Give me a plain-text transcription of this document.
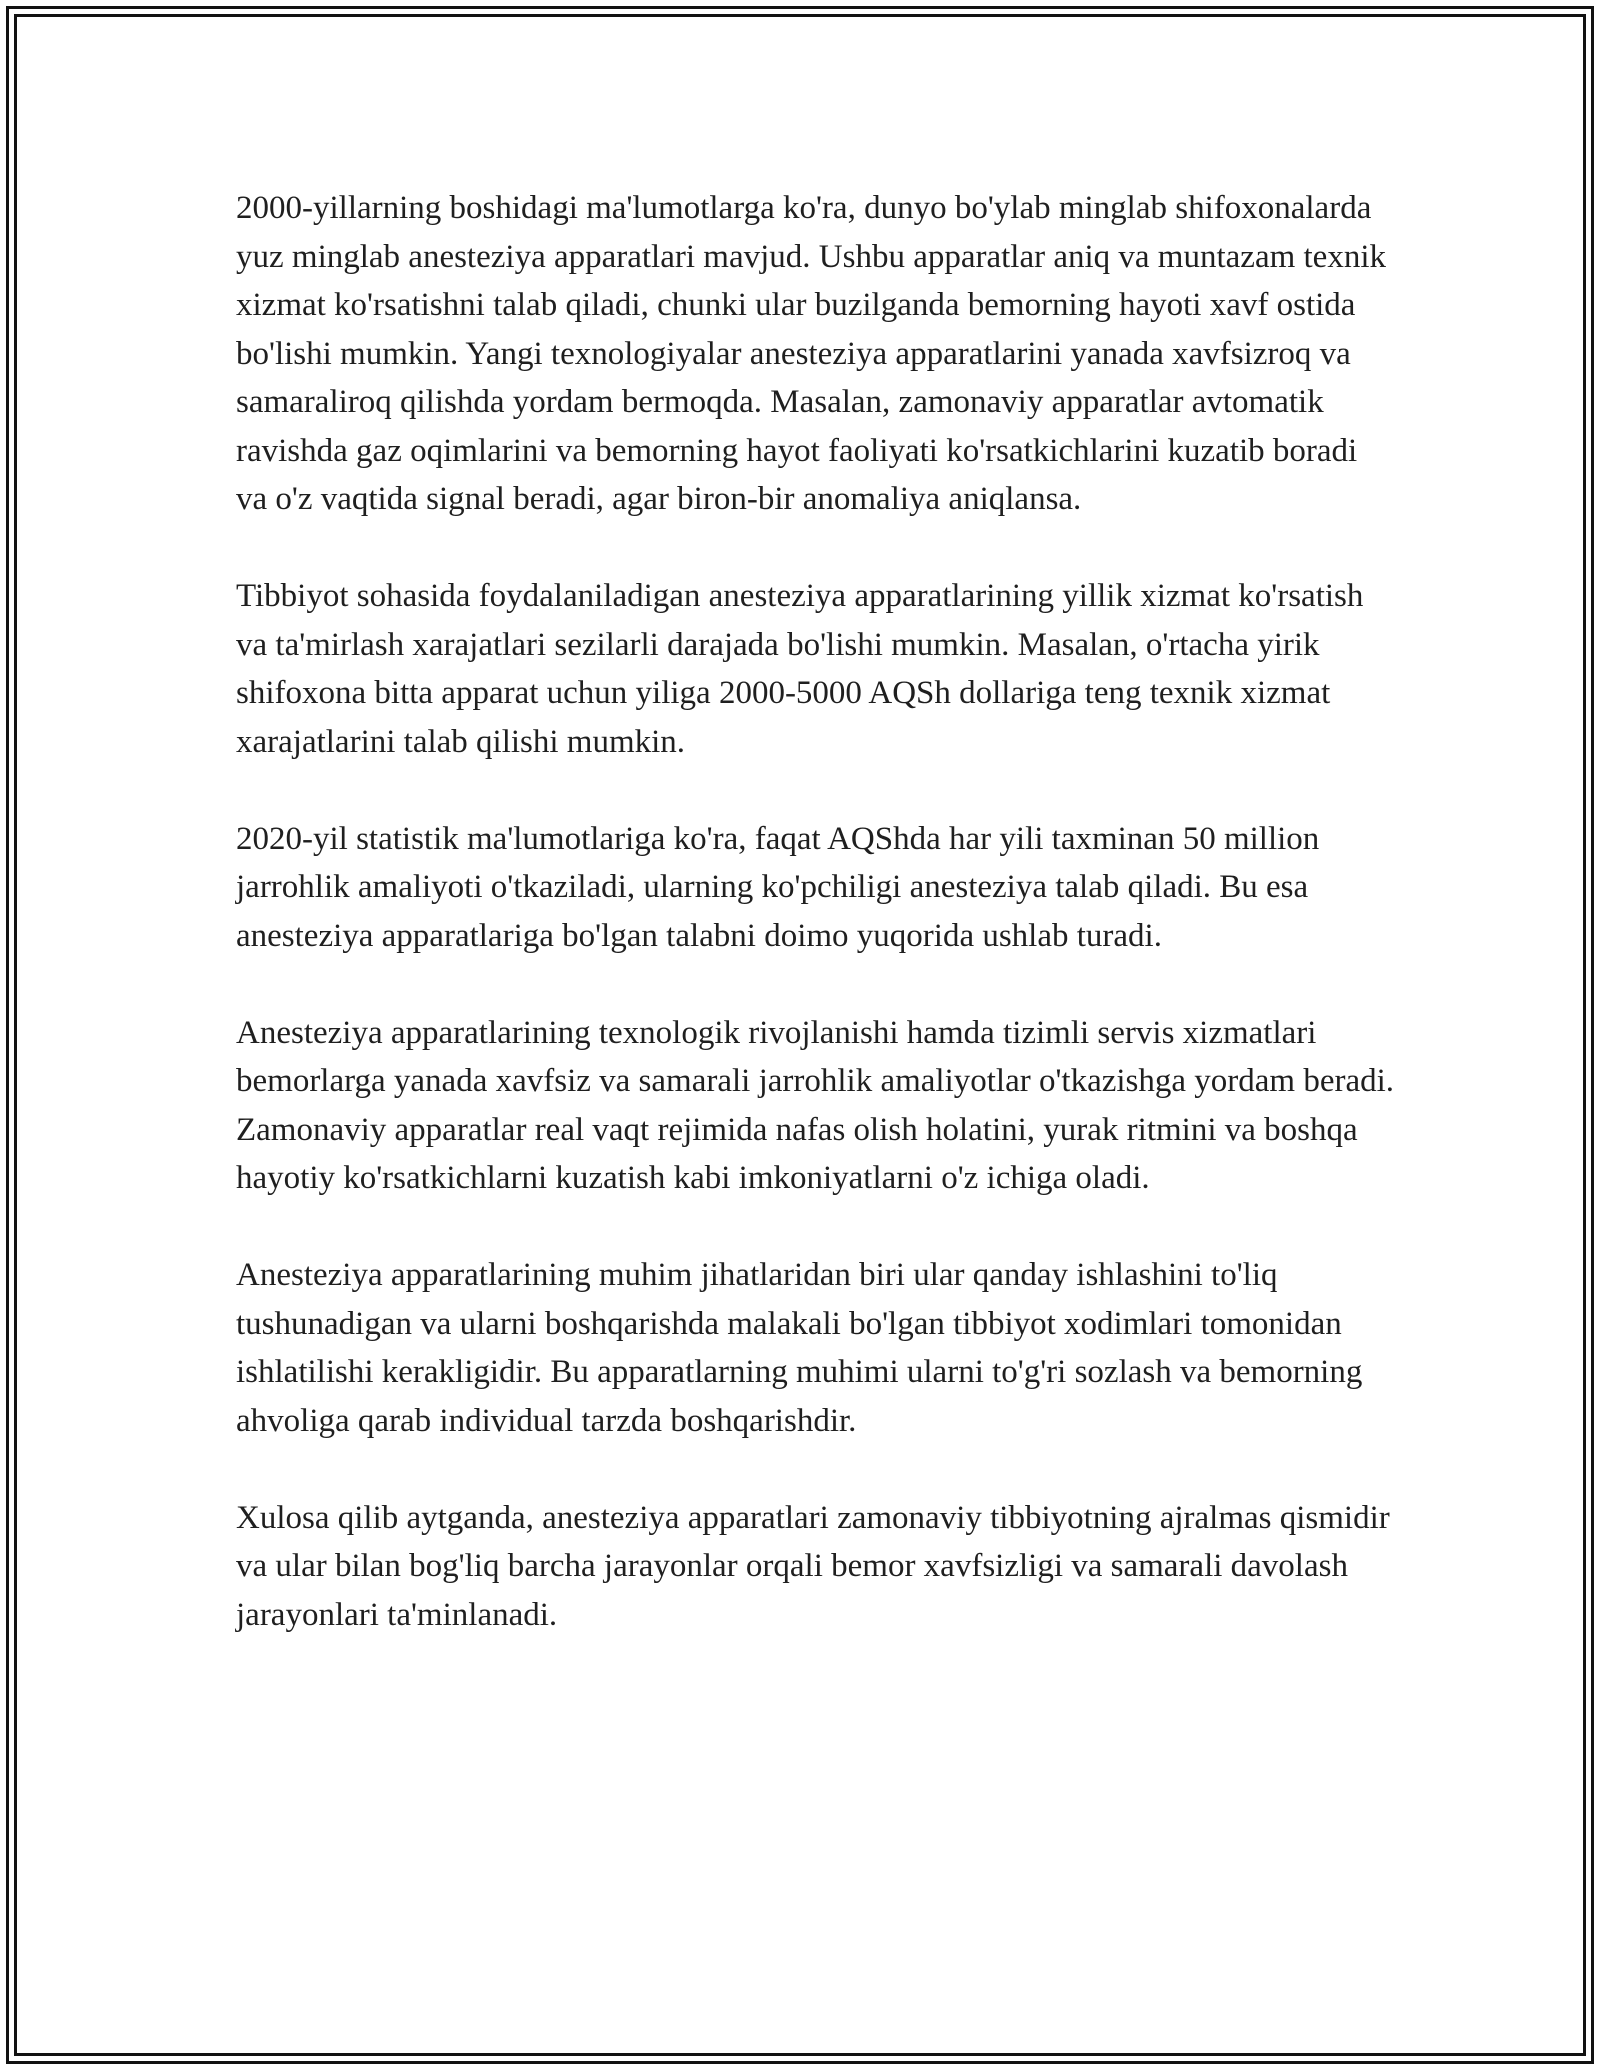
2000-yillarning boshidagi ma'lumotlarga ko'ra, dunyo bo'ylab minglab shifoxonalarda yuz minglab anesteziya apparatlari mavjud. Ushbu apparatlar aniq va muntazam texnik xizmat ko'rsatishni talab qiladi, chunki ular buzilganda bemorning hayoti xavf ostida bo'lishi mumkin. Yangi texnologiyalar anesteziya apparatlarini yanada xavfsizroq va samaraliroq qilishda yordam bermoqda. Masalan, zamonaviy apparatlar avtomatik ravishda gaz oqimlarini va bemorning hayot faoliyati ko'rsatkichlarini kuzatib boradi va o'z vaqtida signal beradi, agar biron-bir anomaliya aniqlansa.

Tibbiyot sohasida foydalaniladigan anesteziya apparatlarining yillik xizmat ko'rsatish va ta'mirlash xarajatlari sezilarli darajada bo'lishi mumkin. Masalan, o'rtacha yirik shifoxona bitta apparat uchun yiliga 2000-5000 AQSh dollariga teng texnik xizmat xarajatlarini talab qilishi mumkin.

2020-yil statistik ma'lumotlariga ko'ra, faqat AQShda har yili taxminan 50 million jarrohlik amaliyoti o'tkaziladi, ularning ko'pchiligi anesteziya talab qiladi. Bu esa anesteziya apparatlariga bo'lgan talabni doimo yuqorida ushlab turadi.

Anesteziya apparatlarining texnologik rivojlanishi hamda tizimli servis xizmatlari bemorlarga yanada xavfsiz va samarali jarrohlik amaliyotlar o'tkazishga yordam beradi. Zamonaviy apparatlar real vaqt rejimida nafas olish holatini, yurak ritmini va boshqa hayotiy ko'rsatkichlarni kuzatish kabi imkoniyatlarni o'z ichiga oladi.

Anesteziya apparatlarining muhim jihatlaridan biri ular qanday ishlashini to'liq tushunadigan va ularni boshqarishda malakali bo'lgan tibbiyot xodimlari tomonidan ishlatilishi kerakligidir. Bu apparatlarning muhimi ularni to'g'ri sozlash va bemorning ahvoliga qarab individual tarzda boshqarishdir.

Xulosa qilib aytganda, anesteziya apparatlari zamonaviy tibbiyotning ajralmas qismidir va ular bilan bog'liq barcha jarayonlar orqali bemor xavfsizligi va samarali davolash jarayonlari ta'minlanadi.
